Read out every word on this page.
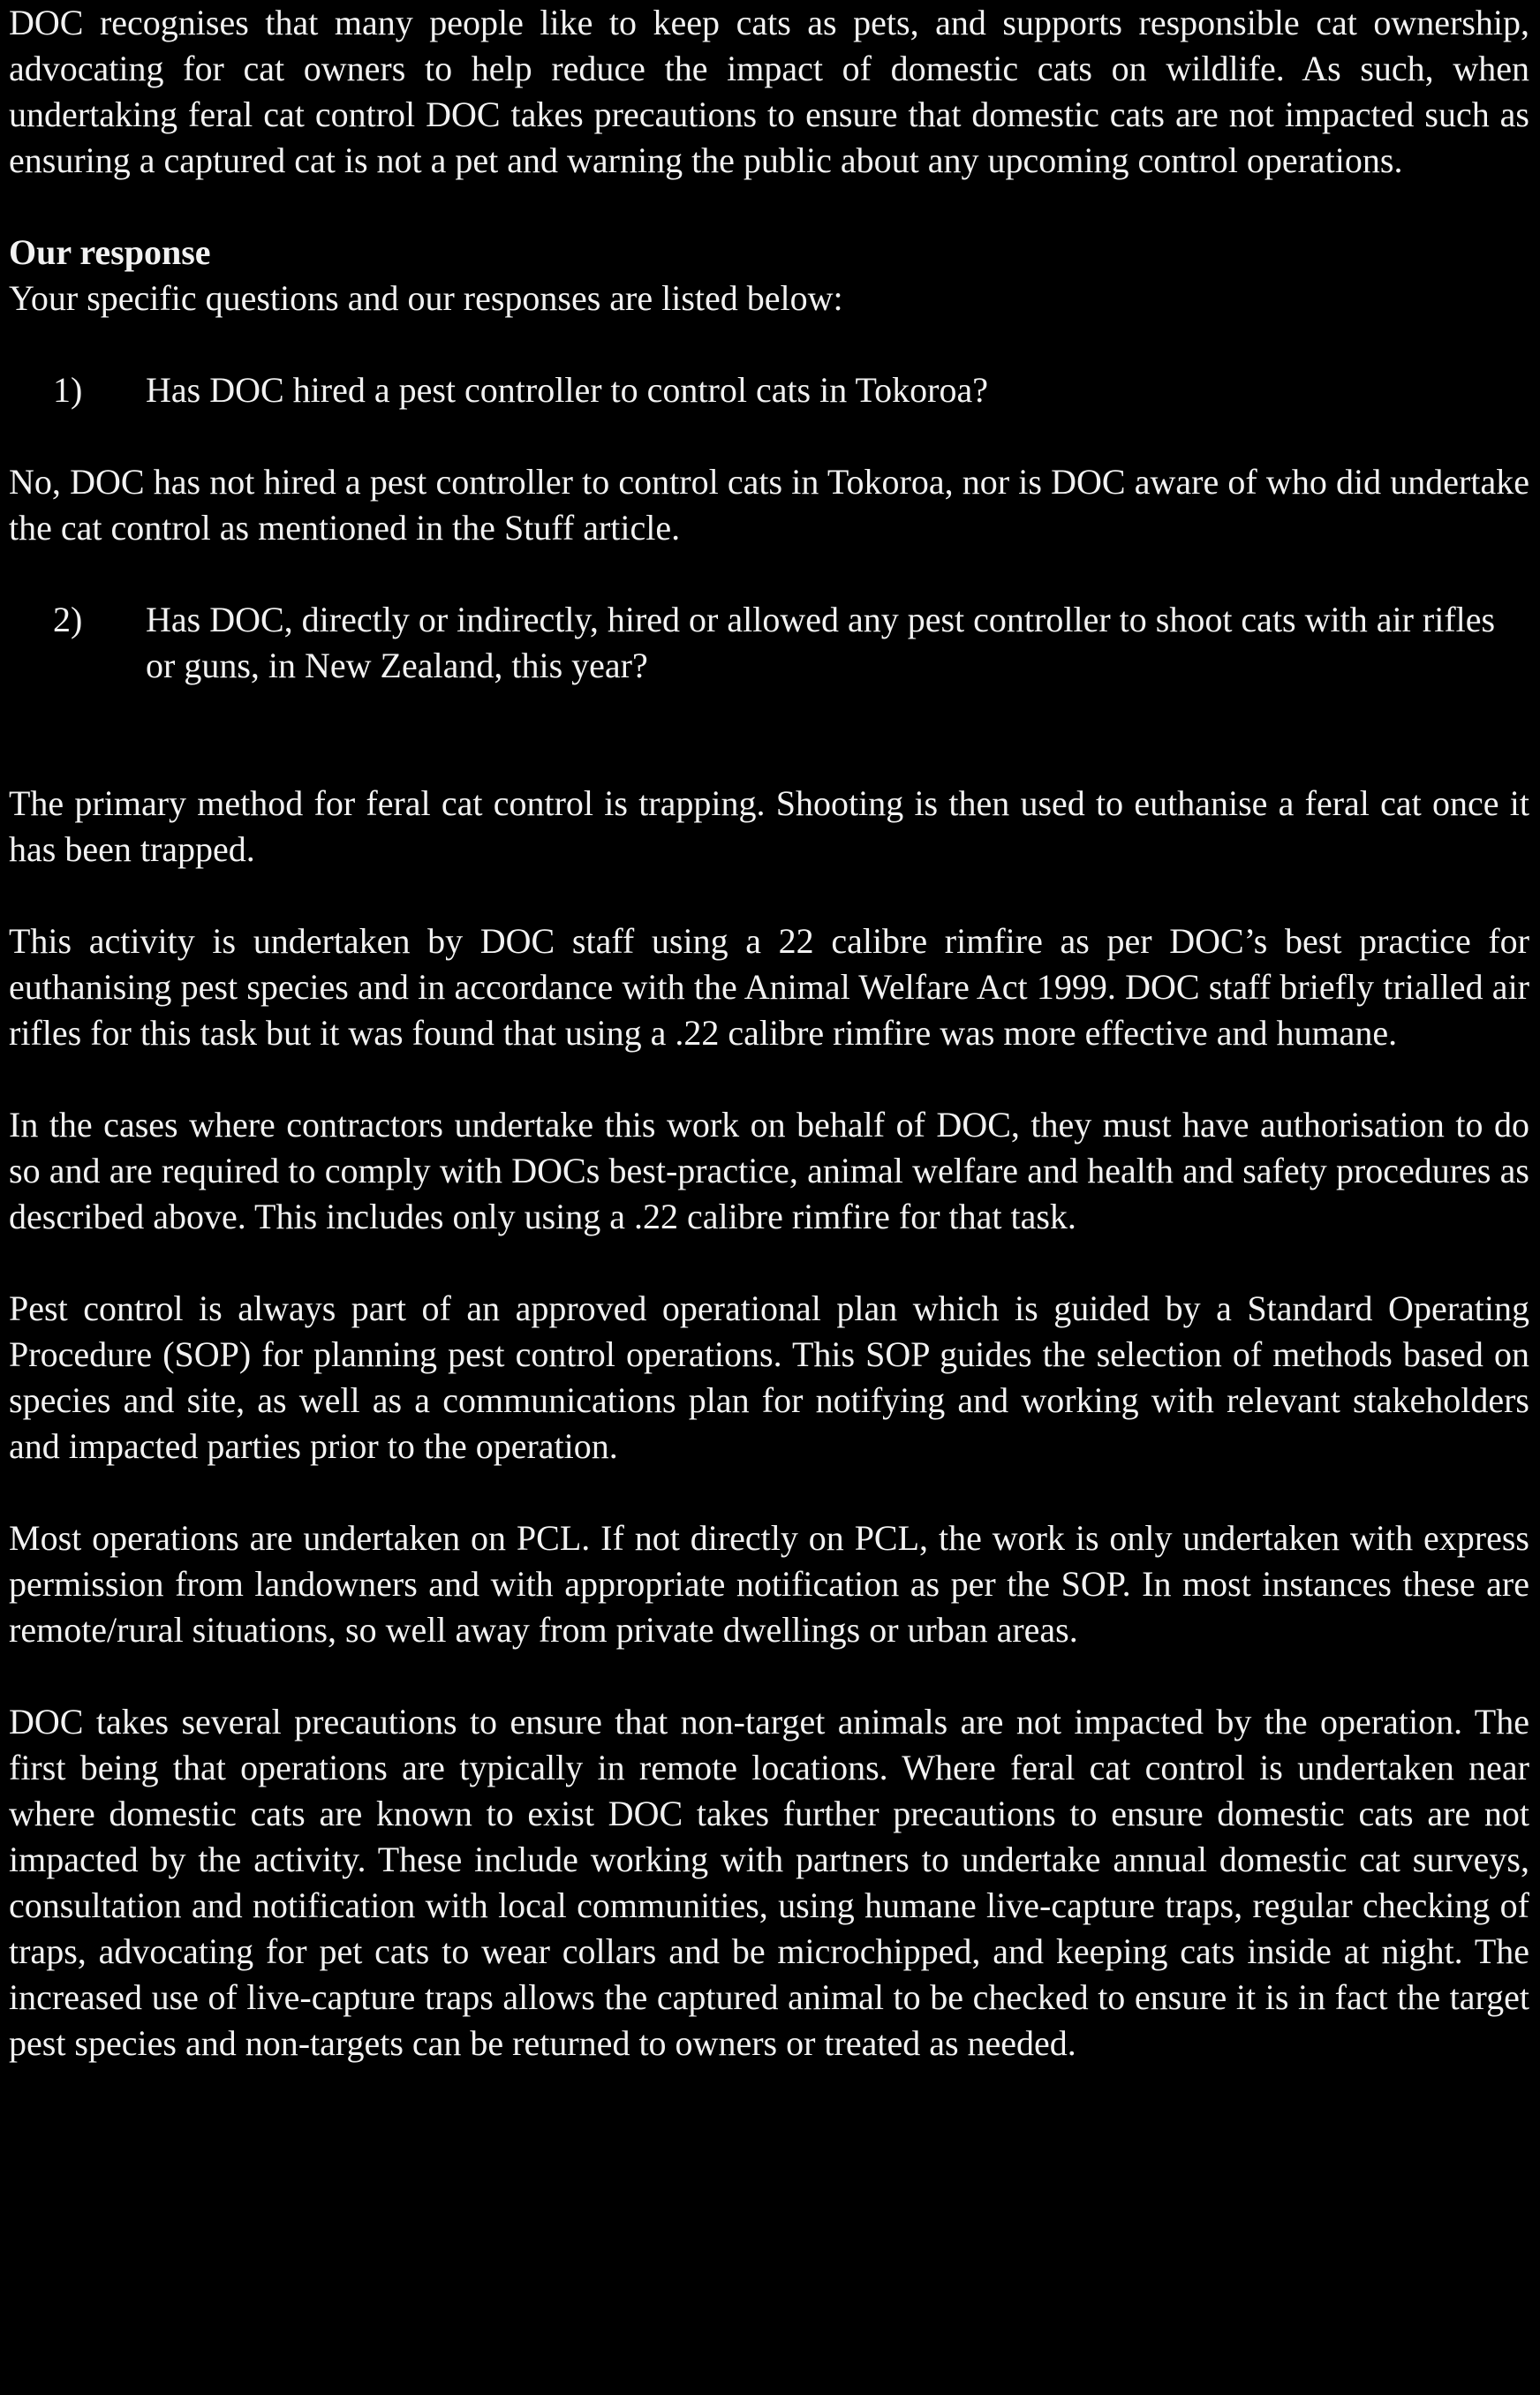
DOC recognises that many people like to keep cats as pets, and supports responsible cat ownership, advocating for cat owners to help reduce the impact of domestic cats on wildlife. As such, when undertaking feral cat control DOC takes precautions to ensure that domestic cats are not impacted such as ensuring a captured cat is not a pet and warning the public about any upcoming control operations.

Our response
Your specific questions and our responses are listed below:
1)	Has DOC hired a pest controller to control cats in Tokoroa?

No, DOC has not hired a pest controller to control cats in Tokoroa, nor is DOC aware of who did undertake the cat control as mentioned in the Stuff article.

2)	Has DOC, directly or indirectly, hired or allowed any pest controller to shoot cats with air rifles or guns, in New Zealand, this year?

The primary method for feral cat control is trapping. Shooting is then used to euthanise a feral cat once it has been trapped.

This activity is undertaken by DOC staff using a 22 calibre rimfire as per DOC’s best practice for euthanising pest species and in accordance with the Animal Welfare Act 1999. DOC staff briefly trialled air rifles for this task but it was found that using a .22 calibre rimfire was more effective and humane.

In the cases where contractors undertake this work on behalf of DOC, they must have authorisation to do so and are required to comply with DOCs best-practice, animal welfare and health and safety procedures as described above. This includes only using a .22 calibre rimfire for that task.

Pest control is always part of an approved operational plan which is guided by a Standard Operating Procedure (SOP) for planning pest control operations. This SOP guides the selection of methods based on species and site, as well as a communications plan for notifying and working with relevant stakeholders and impacted parties prior to the operation.

Most operations are undertaken on PCL. If not directly on PCL, the work is only undertaken with express permission from landowners and with appropriate notification as per the SOP. In most instances these are remote/rural situations, so well away from private dwellings or urban areas.

DOC takes several precautions to ensure that non-target animals are not impacted by the operation. The first being that operations are typically in remote locations. Where feral cat control is undertaken near where domestic cats are known to exist DOC takes further precautions to ensure domestic cats are not impacted by the activity. These include working with partners to undertake annual domestic cat surveys, consultation and notification with local communities, using humane live-capture traps, regular checking of traps, advocating for pet cats to wear collars and be microchipped, and keeping cats inside at night. The increased use of live-capture traps allows the captured animal to be checked to ensure it is in fact the target pest species and non-targets can be returned to owners or treated as needed.
